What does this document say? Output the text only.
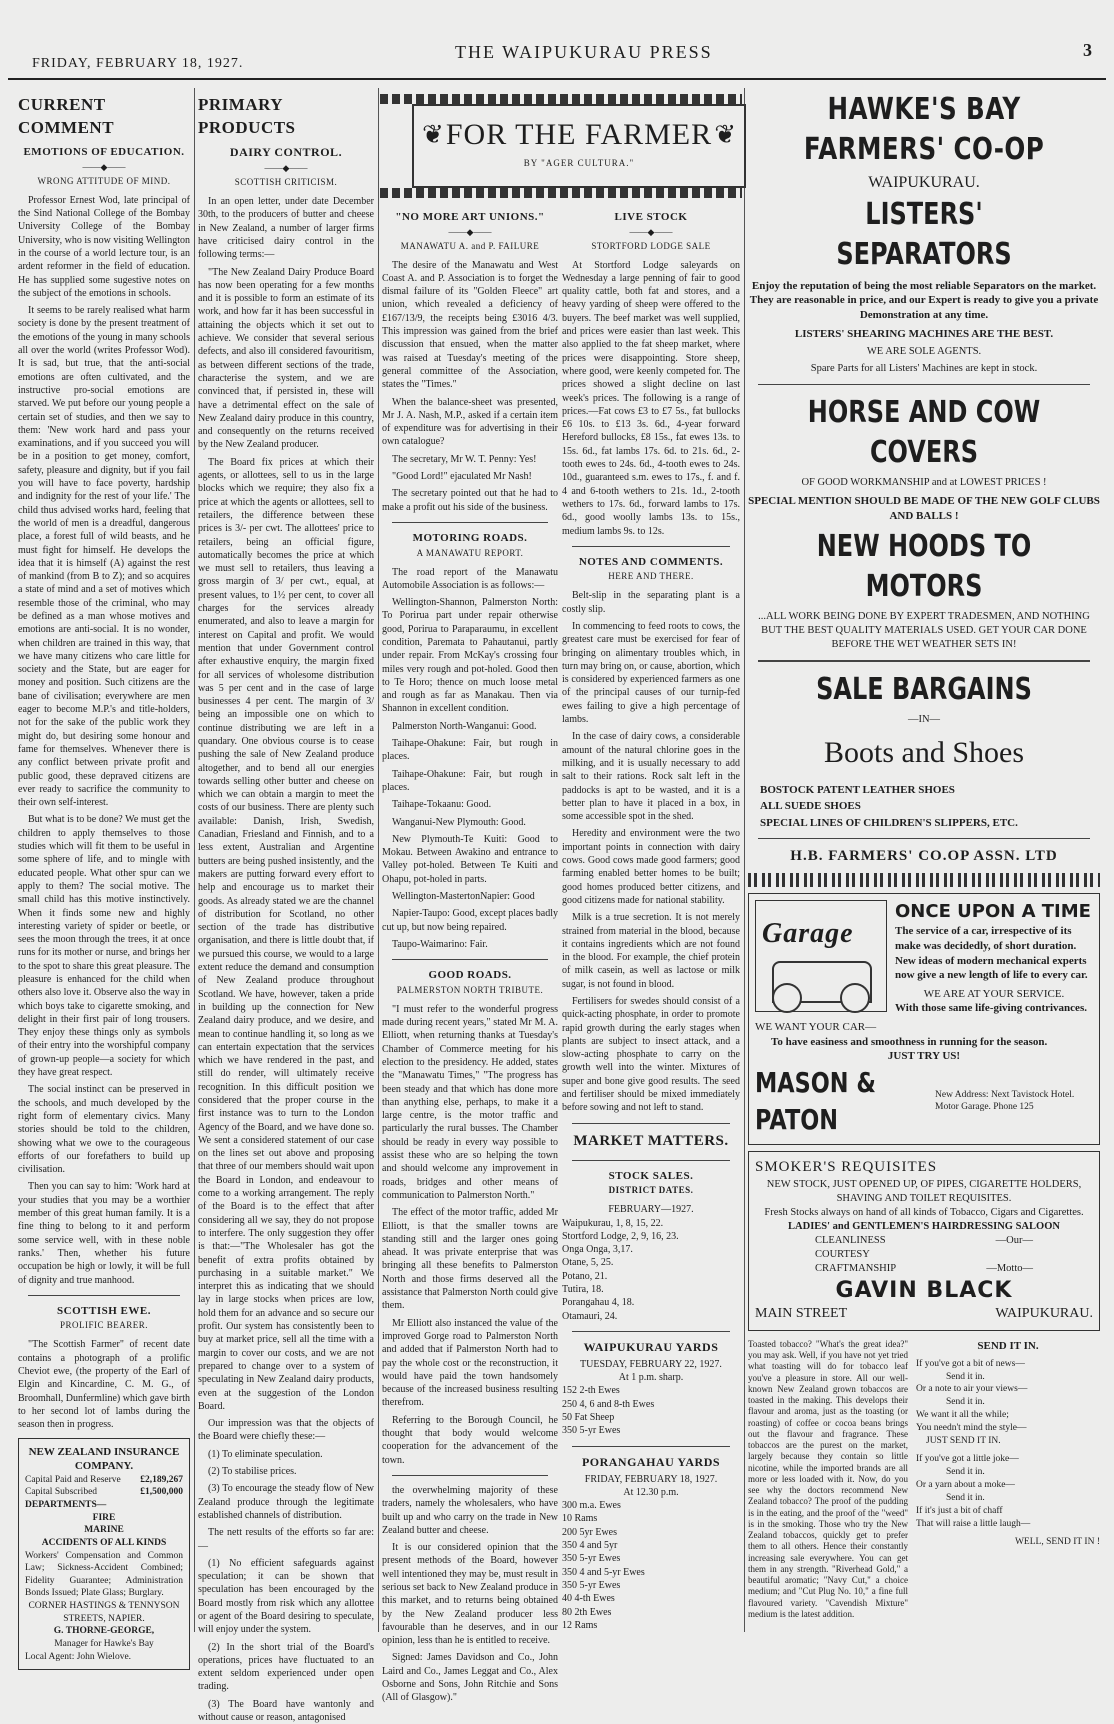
FRIDAY, FEBRUARY 18, 1927.
THE WAIPUKURAU PRESS	3
CURRENT COMMENT
EMOTIONS OF EDUCATION.
——◆——
WRONG ATTITUDE OF MIND.

Professor Ernest Wod, late principal of the Sind National College of the Bombay University College of the Bombay University, who is now visiting Wellington in the course of a world lecture tour, is an ardent reformer in the field of education. He has supplied some sugestive notes on the subject of the emotions in schools.

It seems to be rarely realised what harm society is done by the present treatment of the emotions of the young in many schools all over the world (writes Professor Wod). It is sad, but true, that the anti-social emotions are often cultivated, and the instructive pro-social emotions are starved. We put before our young people a certain set of studies, and then we say to them: 'New work hard and pass your examinations, and if you succeed you will be in a position to get money, comfort, safety, pleasure and dignity, but if you fail you will have to face poverty, hardship and indignity for the rest of your life.' The child thus advised works hard, feeling that the world of men is a dreadful, dangerous place, a forest full of wild beasts, and he must fight for himself. He develops the idea that it is himself (A) against the rest of mankind (from B to Z); and so acquires a state of mind and a set of motives which resemble those of the criminal, who may be defined as a man whose motives and emotions are anti-social. It is no wonder, when children are trained in this way, that we have many citizens who care little for society and the State, but are eager for money and position. Such citizens are the bane of civilisation; everywhere are men eager to become M.P.'s and title-holders, not for the sake of the public work they might do, but desiring some honour and fame for themselves. Whenever there is any conflict between private profit and public good, these depraved citizens are ever ready to sacrifice the community to their own self-interest.

But what is to be done? We must get the children to apply themselves to those studies which will fit them to be useful in some sphere of life, and to mingle with educated people. What other spur can we apply to them? The social motive. The small child has this motive instinctively. When it finds some new and highly interesting variety of spider or beetle, or sees the moon through the trees, it at once runs for its mother or nurse, and brings her to the spot to share this great pleasure. The pleasure is enhanced for the child when others also love it. Observe also the way in which boys take to cigarette smoking, and delight in their first pair of long trousers. They enjoy these things only as symbols of their entry into the worshipful company of grown-up people—a society for which they have great respect.

The social instinct can be preserved in the schools, and much developed by the right form of elementary civics. Many stories should be told to the children, showing what we owe to the courageous efforts of our forefathers to build up civilisation.

Then you can say to him: 'Work hard at your studies that you may be a worthier member of this great human family. It is a fine thing to belong to it and perform some service well, with in these noble ranks.' Then, whether his future occupation be high or lowly, it will be full of dignity and true manhood.

SCOTTISH EWE.
PROLIFIC BEARER.

"The Scottish Farmer" of recent date contains a photograph of a prolific Cheviot ewe, (the property of the Earl of Elgin and Kincardine, C. M. G., of Broomhall, Dunfermline) which gave birth to her second lot of lambs during the season then in progress.

NEW ZEALAND INSURANCE COMPANY.
Capital Paid and Reserve £2,189,267
Capital Subscribed	£1,500,000
DEPARTMENTS—
FIRE
MARINE
ACCIDENTS OF ALL KINDS
Workers' Compensation and Common Law; Sickness-Accident Combined; Fidelity Guarantee; Administration Bonds Issued; Plate Glass; Burglary.
CORNER HASTINGS & TENNYSON STREETS, NAPIER.
G. THORNE-GEORGE,
Manager for Hawke's Bay
Local Agent: John Wielove.
PRIMARY PRODUCTS
DAIRY CONTROL.
——◆——
SCOTTISH CRITICISM.

In an open letter, under date December 30th, to the producers of butter and cheese in New Zealand, a number of larger firms have criticised dairy control in the following terms:—

"The New Zealand Dairy Produce Board has now been operating for a few months and it is possible to form an estimate of its work, and how far it has been successful in attaining the objects which it set out to achieve. We consider that several serious defects, and also ill considered favouritism, as between different sections of the trade, characterise the system, and we are convinced that, if persisted in, these will have a detrimental effect on the sale of New Zealand dairy produce in this country, and consequently on the returns received by the New Zealand producer.

The Board fix prices at which their agents, or allottees, sell to us in the large blocks which we require; they also fix a price at which the agents or allottees, sell to retailers, the difference between these prices is 3/- per cwt. The allottees' price to retailers, being an official figure, automatically becomes the price at which we must sell to retailers, thus leaving a gross margin of 3/ per cwt., equal, at present values, to 1½ per cent, to cover all charges for the services already enumerated, and also to leave a margin for interest on Capital and profit. We would mention that under Government control after exhaustive enquiry, the margin fixed for all services of wholesome distribution was 5 per cent and in the case of large businesses 4 per cent. The margin of 3/ being an impossible one on which to continue distributing we are left in a quandary. One obvious course is to cease pushing the sale of New Zealand produce altogether, and to bend all our energies towards selling other butter and cheese on which we can obtain a margin to meet the costs of our business. There are plenty such available: Danish, Irish, Swedish, Canadian, Friesland and Finnish, and to a less extent, Australian and Argentine butters are being pushed insistently, and the makers are putting forward every effort to help and encourage us to market their goods. As already stated we are the channel of distribution for Scotland, no other section of the trade has distributive organisation, and there is little doubt that, if we pursued this course, we would to a large extent reduce the demand and consumption of New Zealand produce throughout Scotland. We have, however, taken a pride in building up the connection for New Zealand dairy produce, and we desire, and mean to continue handling it, so long as we can entertain expectation that the services which we have rendered in the past, and still do render, will ultimately receive recognition. In this difficult position we considered that the proper course in the first instance was to turn to the London Agency of the Board, and we have done so. We sent a considered statement of our case on the lines set out above and proposing that three of our members should wait upon the Board in London, and endeavour to come to a working arrangement. The reply of the Board is to the effect that after considering all we say, they do not propose to interfere. The only suggestion they offer is that:—"The Wholesaler has got the benefit of extra profits obtained by purchasing in a suitable market." We interpret this as indicating that we should lay in large stocks when prices are low, hold them for an advance and so secure our profit. Our system has consistently been to buy at market price, sell all the time with a margin to cover our costs, and we are not prepared to change over to a system of speculating in New Zealand dairy products, even at the suggestion of the London Board.

Our impression was that the objects of the Board were chiefly these:—

(1) To eliminate speculation.

(2) To stabilise prices.

(3) To encourage the steady flow of New Zealand produce through the legitimate established channels of distribution.

The nett results of the efforts so far are:—

(1) No efficient safeguards against speculation; it can be shown that speculation has been encouraged by the Board mostly from risk which any allottee or agent of the Board desiring to speculate, will enjoy under the system.

(2) In the short trial of the Board's operations, prices have fluctuated to an extent seldom experienced under open trading.

(3) The Board have wantonly and without cause or reason, antagonised

❦ FOR THE FARMER ❦
BY "AGER CULTURA."
"NO MORE ART UNIONS."
——◆——
MANAWATU A. and P. FAILURE

The desire of the Manawatu and West Coast A. and P. Association is to forget the dismal failure of its "Golden Fleece" art union, which revealed a deficiency of £167/13/9, the receipts being £3016 4/3. This impression was gained from the brief discussion that ensued, when the matter was raised at Tuesday's meeting of the general committee of the Association, states the "Times."

When the balance-sheet was presented, Mr J. A. Nash, M.P., asked if a certain item of expenditure was for advertising in their own catalogue?

The secretary, Mr W. T. Penny: Yes!

"Good Lord!" ejaculated Mr Nash!

The secretary pointed out that he had to make a profit out his side of the business.

MOTORING ROADS.
A MANAWATU REPORT.

The road report of the Manawatu Automobile Association is as follows:—

Wellington-Shannon, Palmerston North: To Porirua part under repair otherwise good, Porirua to Paraparaumu, in excellent condition, Paremata to Pahautanui, partly under repair. From McKay's crossing four miles very rough and pot-holed. Good then to Te Horo; thence on much loose metal and rough as far as Manakau. Then via Shannon in excellent condition.

Palmerston North-Wanganui: Good.

Taihape-Ohakune: Fair, but rough in places.

Taihape-Ohakune: Fair, but rough in places.

Taihape-Tokaanu: Good.

Wanganui-New Plymouth: Good.

New Plymouth-Te Kuiti: Good to Mokau. Between Awakino and entrance to Valley pot-holed. Between Te Kuiti and Ohapu, pot-holed in parts.

Wellington-MastertonNapier: Good

Napier-Taupo: Good, except places badly cut up, but now being repaired.

Taupo-Waimarino: Fair.

GOOD ROADS.
PALMERSTON NORTH TRIBUTE.

"I must refer to the wonderful progress made during recent years," stated Mr M. A. Elliott, when returning thanks at Tuesday's Chamber of Commerce meeting for his election to the presidency. He added, states the "Manawatu Times," "The progress has been steady and that which has done more than anything else, perhaps, to make it a large centre, is the motor traffic and particularly the rural busses. The Chamber should be ready in every way possible to assist these who are so helping the town and should welcome any improvement in roads, bridges and other means of communication to Palmerston North."

The effect of the motor traffic, added Mr Elliott, is that the smaller towns are standing still and the larger ones going ahead. It was private enterprise that was bringing all these benefits to Palmerston North and those firms deserved all the assistance that Palmerston North could give them.

Mr Elliott also instanced the value of the improved Gorge road to Palmerston North and added that if Palmerston North had to pay the whole cost or the reconstruction, it would have paid the town handsomely because of the increased business resulting therefrom.

Referring to the Borough Council, he thought that body would welcome cooperation for the advancement of the town.

the overwhelming majority of these traders, namely the wholesalers, who have built up and who carry on the trade in New Zealand butter and cheese.

It is our considered opinion that the present methods of the Board, however well intentioned they may be, must result in serious set back to New Zealand produce in this market, and to returns being obtained by the New Zealand producer less favourable than he deserves, and in our opinion, less than he is entitled to receive.

Signed: James Davidson and Co., John Laird and Co., James Leggat and Co., Alex Osborne and Sons, John Ritchie and Sons (All of Glasgow)."

LIVE STOCK
——◆——
STORTFORD LODGE SALE

At Stortford Lodge saleyards on Wednesday a large penning of fair to good quality cattle, both fat and stores, and a heavy yarding of sheep were offered to the buyers. The beef market was well supplied, and prices were easier than last week. This also applied to the fat sheep market, where prices were disappointing. Store sheep, where good, were keenly competed for. The prices showed a slight decline on last week's prices. The following is a range of prices.—Fat cows £3 to £7 5s., fat bullocks £6 10s. to £13 3s. 6d., 4-year forward Hereford bullocks, £8 15s., fat ewes 13s. to 15s. 6d., fat lambs 17s. 6d. to 21s. 6d., 2-tooth ewes to 24s. 6d., 4-tooth ewes to 24s. 10d., guaranteed s.m. ewes to 17s., f. and f. 4 and 6-tooth wethers to 21s. 1d., 2-tooth wethers to 17s. 6d., forward lambs to 17s. 6d., good woolly lambs 13s. to 15s., medium lambs 9s. to 12s.

NOTES AND COMMENTS.
HERE AND THERE.

Belt-slip in the separating plant is a costly slip.

In commencing to feed roots to cows, the greatest care must be exercised for fear of bringing on alimentary troubles which, in turn may bring on, or cause, abortion, which is considered by experienced farmers as one of the principal causes of our turnip-fed ewes failing to give a high percentage of lambs.

In the case of dairy cows, a considerable amount of the natural chlorine goes in the milking, and it is usually necessary to add salt to their rations. Rock salt left in the paddocks is apt to be wasted, and it is a better plan to have it placed in a box, in some accessible spot in the shed.

Heredity and environment were the two important points in connection with dairy cows. Good cows made good farmers; good farming enabled better homes to be built; good homes produced better citizens, and good citizens made for national stability.

Milk is a true secretion. It is not merely strained from material in the blood, because it contains ingredients which are not found in the blood. For example, the chief protein of milk casein, as well as lactose or milk sugar, is not found in blood.

Fertilisers for swedes should consist of a quick-acting phosphate, in order to promote rapid growth during the early stages when plants are subject to insect attack, and a slow-acting phosphate to carry on the growth well into the winter. Mixtures of super and bone give good results. The seed and fertiliser should be mixed immediately before sowing and not left to stand.

MARKET MATTERS.
STOCK SALES.
DISTRICT DATES.
FEBRUARY—1927.
Waipukurau, 1, 8, 15, 22.
Stortford Lodge, 2, 9, 16, 23.
Onga Onga, 3,17.
Otane, 5, 25.
Potano, 21.
Tutira, 18.
Porangahau 4, 18.
Otamauri, 24.
WAIPUKURAU YARDS
TUESDAY, FEBRUARY 22, 1927.
At 1 p.m. sharp.
152 2-th Ewes
250 4, 6 and 8-th Ewes
50 Fat Sheep
350 5-yr Ewes
PORANGAHAU YARDS
FRIDAY, FEBRUARY 18, 1927.
At 12.30 p.m.
300 m.a. Ewes
10 Rams
200 5yr Ewes
350 4 and 5yr
350 5-yr Ewes
350 4 and 5-yr Ewes
350 5-yr Ewes
40 4-th Ewes
80 2th Ewes
12 Rams
HAWKE'S BAY FARMERS' CO-OP
WAIPUKURAU.
LISTERS' SEPARATORS
Enjoy the reputation of being the most reliable Separators on the market. They are reasonable in price, and our Expert is ready to give you a private Demonstration at any time.
LISTERS' SHEARING MACHINES ARE THE BEST.
WE ARE SOLE AGENTS.
Spare Parts for all Listers' Machines are kept in stock.
HORSE AND COW COVERS
OF GOOD WORKMANSHIP and at LOWEST PRICES !
SPECIAL MENTION SHOULD BE MADE OF THE NEW GOLF CLUBS AND BALLS !
NEW HOODS TO MOTORS
...ALL WORK BEING DONE BY EXPERT TRADESMEN, AND NOTHING BUT THE BEST QUALITY MATERIALS USED. GET YOUR CAR DONE BEFORE THE WET WEATHER SETS IN!
SALE BARGAINS
—IN—
Boots and Shoes
BOSTOCK PATENT LEATHER SHOES
ALL SUEDE SHOES
SPECIAL LINES OF CHILDREN'S SLIPPERS, ETC.
H.B. FARMERS' CO.OP ASSN. LTD
Garage
ONCE UPON A TIME
The service of a car, irrespective of its make was decidedly, of short duration. New ideas of modern mechanical experts now give a new length of life to every car.
WE ARE AT YOUR SERVICE.
With those same life-giving contrivances.
WE WANT YOUR CAR—
To have easiness and smoothness in running for the season.
JUST TRY US!
MASON & PATON
New Address: Next Tavistock Hotel. Motor Garage. Phone 125
SMOKER'S REQUISITES
NEW STOCK, JUST OPENED UP, OF PIPES, CIGARETTE HOLDERS, SHAVING AND TOILET REQUISITES.
Fresh Stocks always on hand of all kinds of Tobacco, Cigars and Cigarettes.
LADIES' and GENTLEMEN'S HAIRDRESSING SALOON
CLEANLINESS	—Our—
COURTESY
CRAFTMANSHIP	—Motto—
GAVIN BLACK
MAIN STREET	WAIPUKURAU.
Toasted tobacco? "What's the great idea?" you may ask. Well, if you have not yet tried what toasting will do for tobacco leaf you've a pleasure in store. All our well-known New Zealand grown tobaccos are toasted in the making. This develops their flavour and aroma, just as the toasting (or roasting) of coffee or cocoa beans brings out the flavour and fragrance. These tobaccos are the purest on the market, largely because they contain so little nicotine, while the imported brands are all more or less loaded with it. Now, do you see why the doctors recommend New Zealand tobacco? The proof of the pudding is in the eating, and the proof of the "weed" is in the smoking. Those who try the New Zealand tobaccos, quickly get to prefer them to all others. Hence their constantly increasing sale everywhere. You can get them in any strength. "Riverhead Gold," a beautiful aromatic; "Navy Cut," a choice medium; and "Cut Plug No. 10," a fine full flavoured variety. "Cavendish Mixture" medium is the latest addition.
SEND IT IN.
If you've got a bit of news—
Send it in.
Or a note to air your views—
Send it in.
We want it all the while;
You needn't mind the style—
JUST SEND IT IN.
If you've got a little joke—
Send it in.
Or a yarn about a moke—
Send it in.
If it's just a bit of chaff
That will raise a little laugh—
WELL, SEND IT IN !
